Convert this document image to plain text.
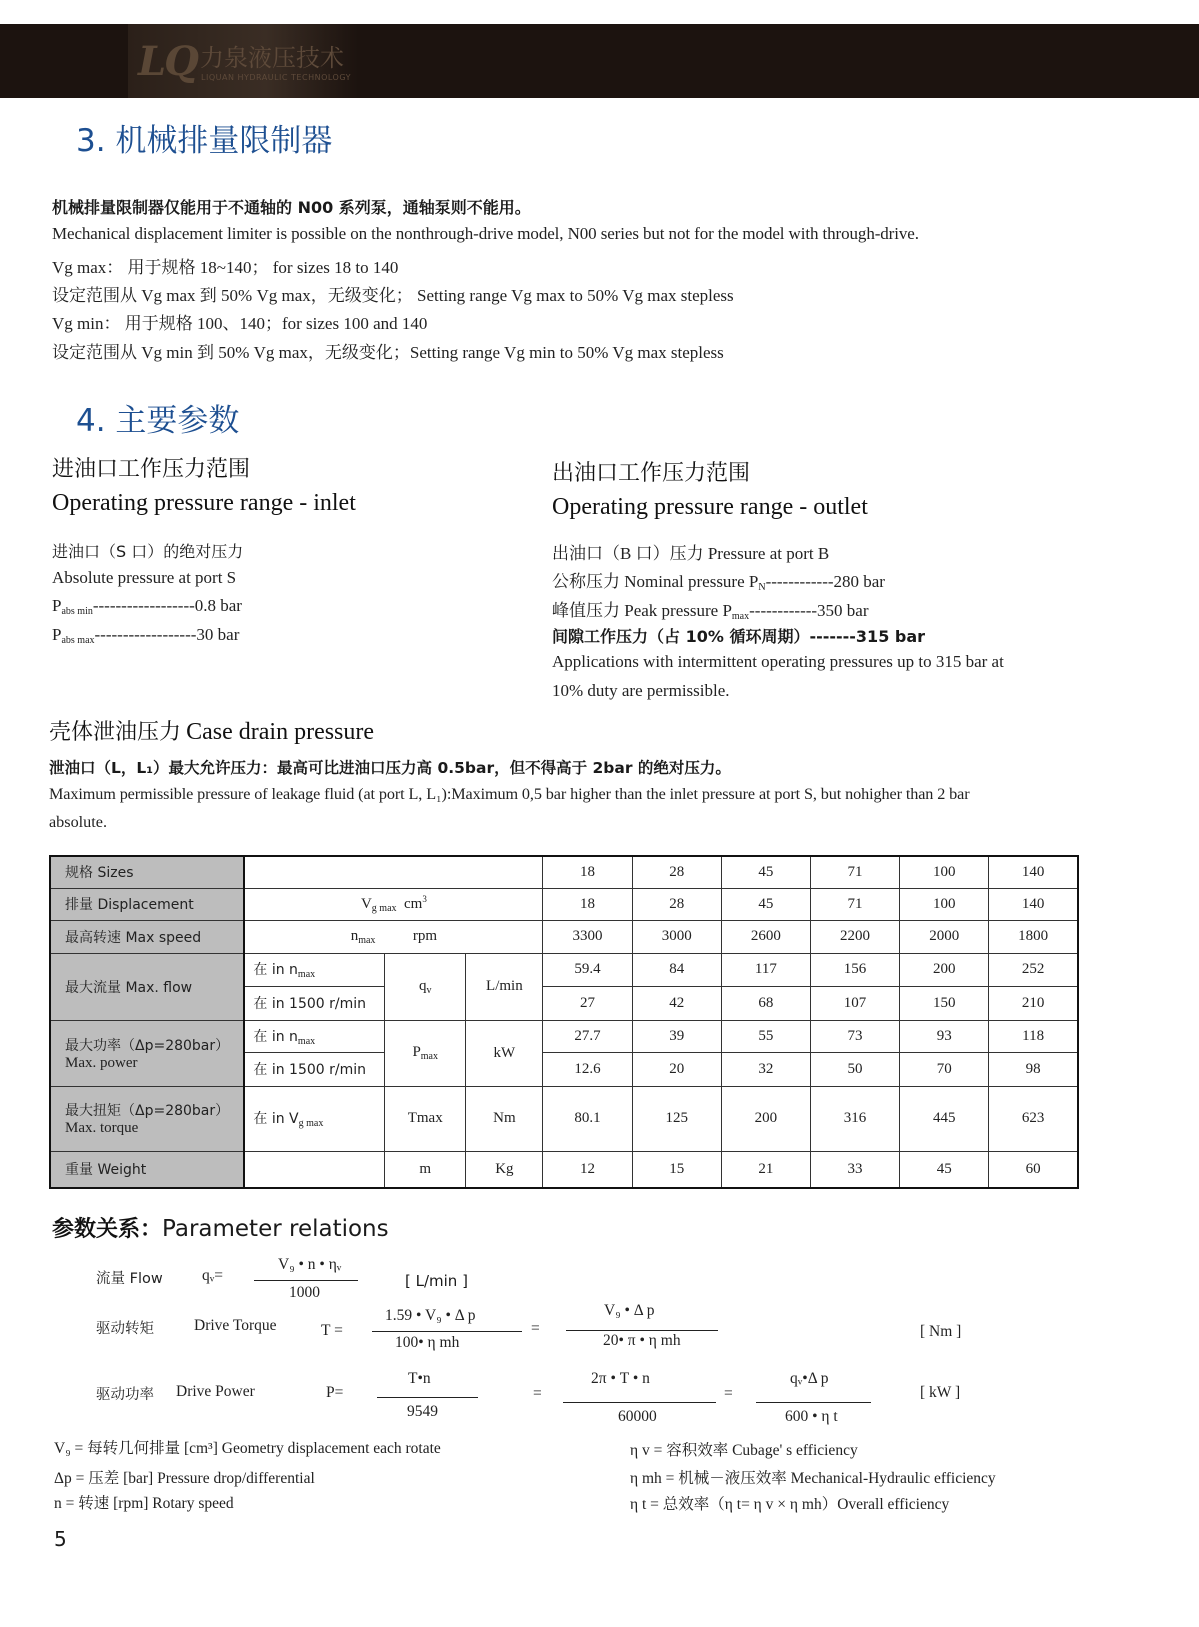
LQ 力泉液压技术
LIQUAN HYDRAULIC TECHNOLOGY
3. 机械排量限制器
机械排量限制器仅能用于不通轴的 N00 系列泵，通轴泵则不能用。
Mechanical displacement limiter is possible on the nonthrough-drive model, N00 series but not for the model with through-drive.
Vg max： 用于规格 18~140； for sizes 18 to 140
设定范围从 Vg max 到 50% Vg max，无级变化； Setting range Vg max to 50% Vg max stepless
Vg min： 用于规格 100、140；for sizes 100 and 140
设定范围从 Vg min 到 50% Vg max，无级变化；Setting range Vg min to 50% Vg max stepless
4. 主要参数
进油口工作压力范围
Operating pressure range - inlet
进油口（S 口）的绝对压力
Absolute pressure at port S
$P_{abs min}------------------0.8$ bar
$P_{abs max}------------------30$ bar
出油口工作压力范围
Operating pressure range - outlet
出油口（B 口）压力 Pressure at port B
公称压力 Nominal pressure $P_N------------280$ bar
峰值压力 Peak pressure $P_{max}------------350$ bar
间隙工作压力（占 10% 循环周期）-------315 bar
Applications with intermittent operating pressures up to 315 bar at
10% duty are permissible.
壳体泄油压力 Case drain pressure
泄油口（L，L₁）最大允许压力：最高可比进油口压力高 0.5bar，但不得高于 2bar 的绝对压力。
Maximum permissible pressure of leakage fluid (at port L, L₁):Maximum 0,5 bar higher than the inlet pressure at port S, but nohigher than 2 bar
absolute.
规格 Sizes				18	28	45	71	100	140
排量 Displacement	$V_{g max}$ $cm^3$			18	28	45	71	100	140
最高转速 Max speed	$n_{max}$ rpm			3300	3000	2600	2200	2000	1800
最大流量 Max. flow	在 in $n_{max}$	$q_v$	L/min	59.4	84	117	156	200	252
	在 in 1500 r/min			27	42	68	107	150	210
最大功率（Δp=280bar）
Max. power	在 in $n_{max}$	$P_{max}$	kW	27.7	39	55	73	93	118
	在 in 1500 r/min			12.6	20	32	50	70	98
最大扭矩（Δp=280bar）
Max. torque	在 in $V_{g max}$	Tmax	Nm	80.1	125	200	316	445	623
重量 Weight		m	Kg	12	15	21	33	45	60
参数关系：Parameter relations
流量 Flow	qᵥ=
V₉ • n • ηᵥ
1000
[ L/min ]
驱动转矩	Drive Torque	T =
1.59 • V₉ • Δ p
100• η mh
=
V₉ • Δ p
20• π • η mh
[ Nm ]
驱动功率 Drive Power	P=
T•n
9549
=
2π • T • n
60000
=
qᵥ•Δ p
600 • η t
[ kW ]
V₉ = 每转几何排量 [cm³] Geometry displacement each rotate
Δp = 压差 [bar] Pressure drop/differential
n = 转速 [rpm] Rotary speed
η v = 容积效率 Cubage' s efficiency
η mh = 机械－液压效率 Mechanical-Hydraulic efficiency
η t = 总效率（η t= η v × η mh）Overall efficiency
5
